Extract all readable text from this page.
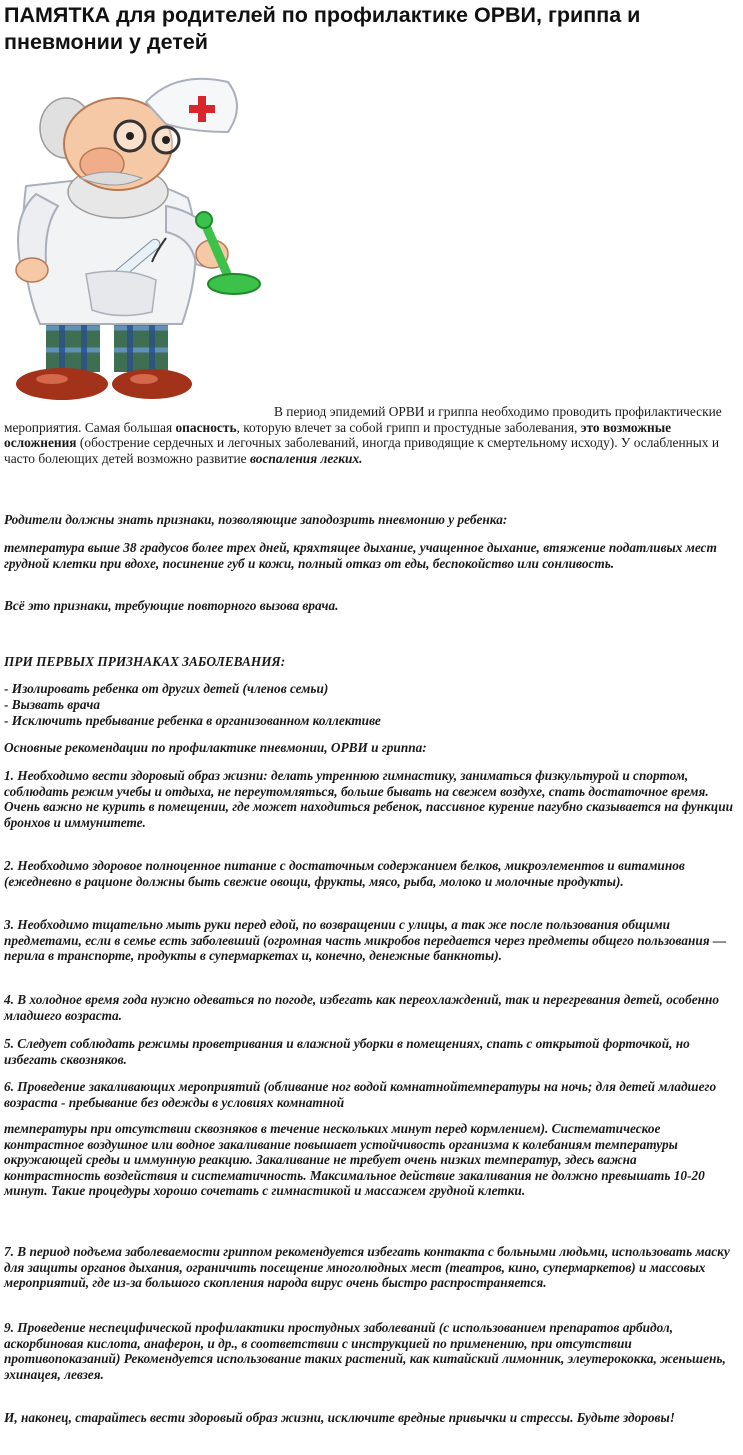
ПАМЯТКА для родителей по профилактике ОРВИ, гриппа и пневмонии у детей
В период эпидемий ОРВИ и гриппа необходимо проводить профилактические мероприятия. Самая большая опасность, которую влечет за собой грипп и простудные заболевания, это возможные осложнения (обострение сердечных и легочных заболеваний, иногда приводящие к смертельному исходу). У ослабленных и часто болеющих детей возможно развитие воспаления легких.

Родители должны знать признаки, позволяющие заподозрить пневмонию у ребенка:

температура выше 38 градусов более трех дней, кряхтящее дыхание, учащенное дыхание, втяжение податливых мест грудной клетки при вдохе, посинение губ и кожи, полный отказ от еды, беспокойство или сонливость.

Всё это признаки, требующие повторного вызова врача.

ПРИ ПЕРВЫХ ПРИЗНАКАХ ЗАБОЛЕВАНИЯ:

- Изолировать ребенка от других детей (членов семьи)

- Вызвать врача

- Исключить пребывание ребенка в организованном коллективе

Основные рекомендации по профилактике пневмонии, ОРВИ и гриппа:

1. Необходимо вести здоровый образ жизни: делать утреннюю гимнастику, заниматься физкультурой и спортом, соблюдать режим учебы и отдыха, не переутомляться, больше бывать на свежем воздухе, спать достаточное время. Очень важно не курить в помещении, где может находиться ребенок, пассивное курение пагубно сказывается на функции бронхов и иммунитете.

2. Необходимо здоровое полноценное питание с достаточным содержанием белков, микроэлементов и витаминов (ежедневно в рационе должны быть свежие овощи, фрукты, мясо, рыба, молоко и молочные продукты).

3. Необходимо тщательно мыть руки перед едой, по возвращении с улицы, а так же после пользования общими предметами, если в семье есть заболевший (огромная часть микробов передается через предметы общего пользования — перила в транспорте, продукты в супермаркетах и, конечно, денежные банкноты).

4. В холодное время года нужно одеваться по погоде, избегать как переохлаждений, так и перегревания детей, особенно младшего возраста.

5. Следует соблюдать режимы проветривания и влажной уборки в помещениях, спать с открытой форточкой, но избегать сквозняков.

6. Проведение закаливающих мероприятий (обливание ног водой комнатнойтемпературы на ночь; для детей младшего возраста - пребывание без одежды в условиях комнатной

температуры при отсутствии сквозняков в течение нескольких минут перед кормлением). Систематическое контрастное воздушное или водное закаливание повышает устойчивость организма к колебаниям температуры окружающей среды и иммунную реакцию. Закаливание не требует очень низких температур, здесь важна контрастность воздействия и систематичность. Максимальное действие закаливания не должно превышать 10-20 минут. Такие процедуры хорошо сочетать с гимнастикой и массажем грудной клетки.

7. В период подъема заболеваемости гриппом рекомендуется избегать контакта с больными людьми, использовать маску для защиты органов дыхания, ограничить посещение многолюдных мест (театров, кино, супермаркетов) и массовых мероприятий, где из-за большого скопления народа вирус очень быстро распространяется.

9. Проведение неспецифической профилактики простудных заболеваний (с использованием препаратов арбидол, аскорбиновая кислота, анаферон, и др., в соответствии с инструкцией по применению, при отсутствии противопоказаний) Рекомендуется использование таких растений, как китайский лимонник, элеутерококка, женьшень, эхинацея, левзея.

И, наконец, старайтесь вести здоровый образ жизни, исключите вредные привычки и стрессы. Будьте здоровы!
